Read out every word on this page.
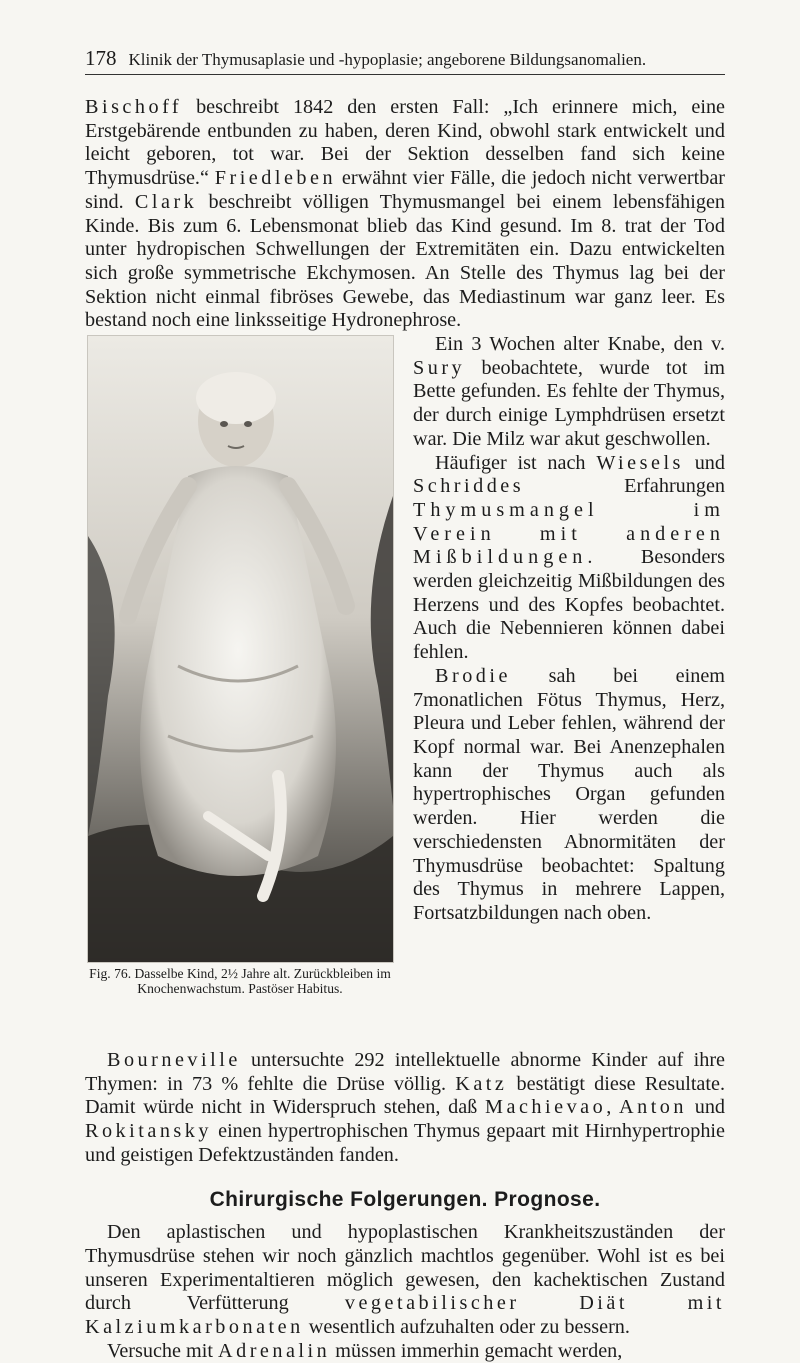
178 Klinik der Thymusaplasie und -hypoplasie; angeborene Bildungsanomalien.

Bischoff beschreibt 1842 den ersten Fall: „Ich erinnere mich, eine Erstgebärende entbunden zu haben, deren Kind, obwohl stark entwickelt und leicht geboren, tot war. Bei der Sektion desselben fand sich keine Thymusdrüse.“ Friedleben erwähnt vier Fälle, die jedoch nicht verwertbar sind. Clark beschreibt völligen Thymusmangel bei einem lebensfähigen Kinde. Bis zum 6. Lebensmonat blieb das Kind gesund. Im 8. trat der Tod unter hydropischen Schwellungen der Extremitäten ein. Dazu entwickelten sich große symmetrische Ekchymosen. An Stelle des Thymus lag bei der Sektion nicht einmal fibröses Gewebe, das Mediastinum war ganz leer. Es bestand noch eine linksseitige Hydronephrose.

Fig. 76. Dasselbe Kind, 2½ Jahre alt. Zurückbleiben im Knochenwachstum. Pastöser Habitus.

Ein 3 Wochen alter Knabe, den v. Sury beobachtete, wurde tot im Bette gefunden. Es fehlte der Thymus, der durch einige Lymphdrüsen ersetzt war. Die Milz war akut geschwollen.

Häufiger ist nach Wiesels und Schriddes Erfahrungen Thymusmangel im Verein mit anderen Mißbildungen. Besonders werden gleichzeitig Mißbildungen des Herzens und des Kopfes beobachtet. Auch die Nebennieren können dabei fehlen.

Brodie sah bei einem 7monatlichen Fötus Thymus, Herz, Pleura und Leber fehlen, während der Kopf normal war. Bei Anenzephalen kann der Thymus auch als hypertrophisches Organ gefunden werden. Hier werden die verschiedensten Abnormitäten der Thymusdrüse beobachtet: Spaltung des Thymus in mehrere Lappen, Fortsatzbildungen nach oben.

Bourneville untersuchte 292 intellektuelle abnorme Kinder auf ihre Thymen: in 73 % fehlte die Drüse völlig. Katz bestätigt diese Resultate. Damit würde nicht in Widerspruch stehen, daß Machievao, Anton und Rokitansky einen hypertrophischen Thymus gepaart mit Hirnhypertrophie und geistigen Defektzuständen fanden.

Chirurgische Folgerungen. Prognose.

Den aplastischen und hypoplastischen Krankheitszuständen der Thymusdrüse stehen wir noch gänzlich machtlos gegenüber. Wohl ist es bei unseren Experimentaltieren möglich gewesen, den kachektischen Zustand durch Verfütterung vegetabilischer Diät mit Kalziumkarbonaten wesentlich aufzuhalten oder zu bessern.

Versuche mit Adrenalin müssen immerhin gemacht werden,
